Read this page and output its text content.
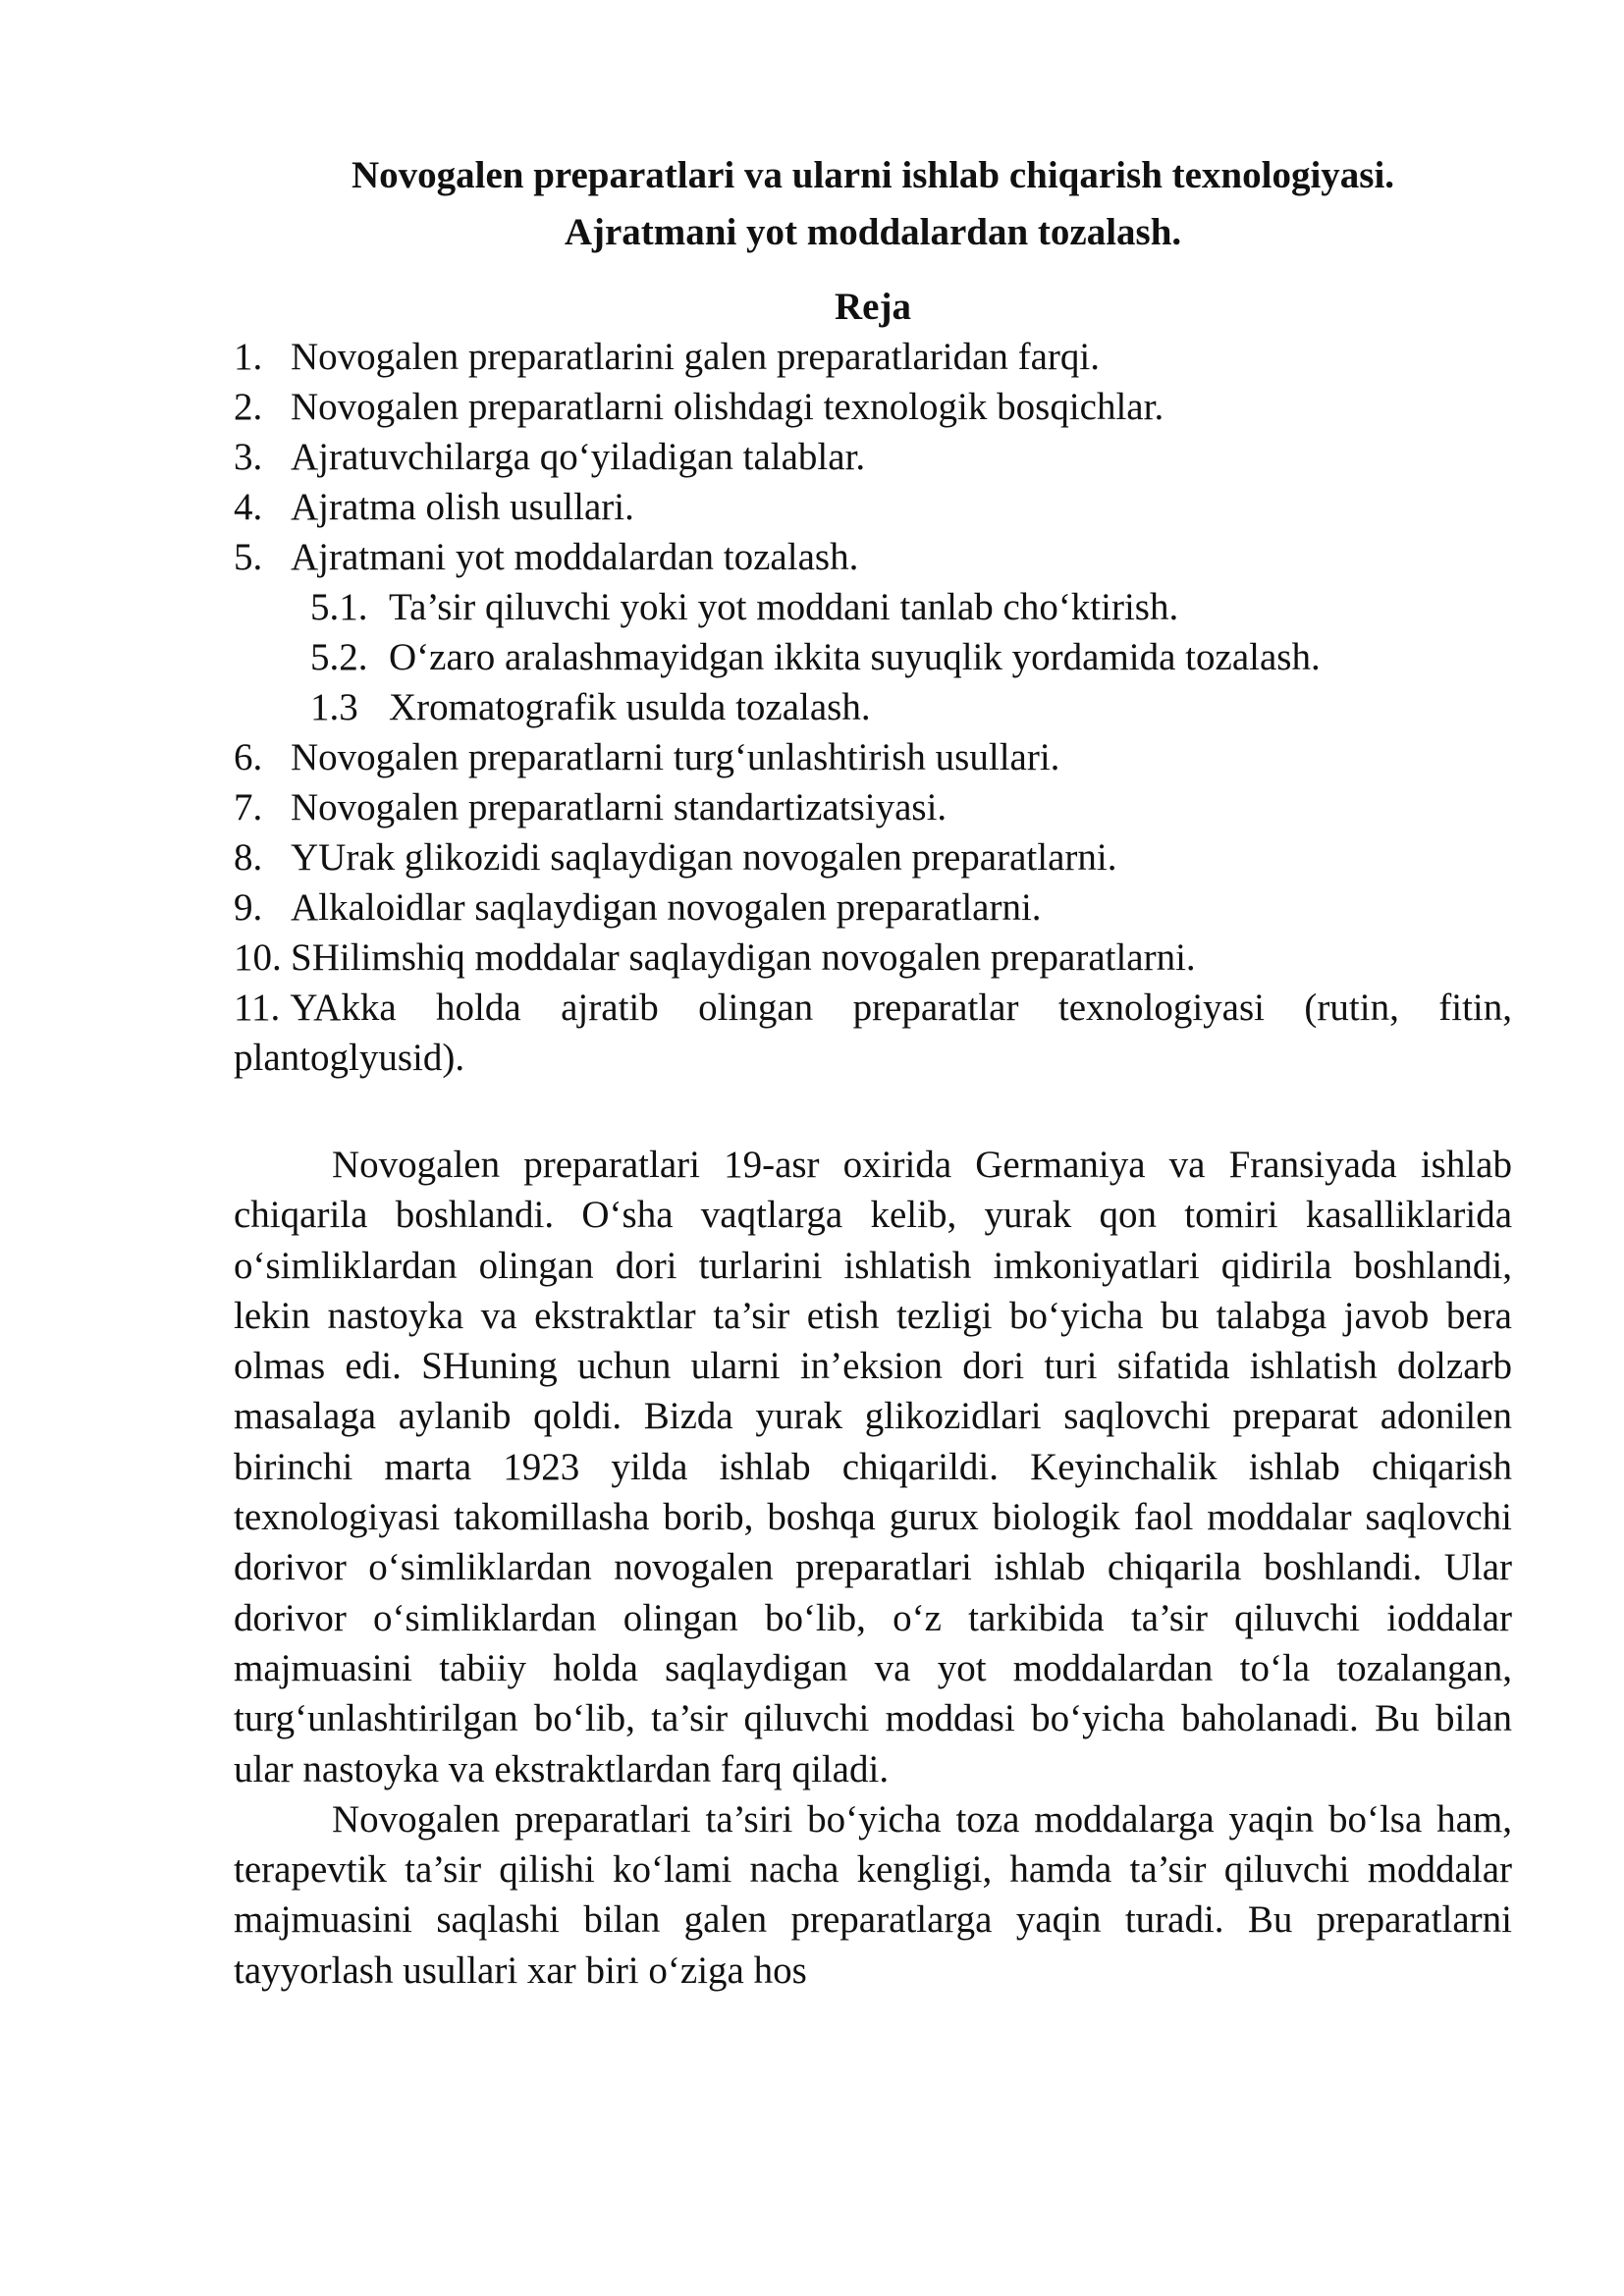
Novogalen preparatlari va ularni ishlab chiqarish texnologiyasi.
Ajratmani yot moddalardan tozalash.
Reja
1. Novogalen preparatlarini galen preparatlaridan farqi.
2. Novogalen preparatlarni olishdagi texnologik bosqichlar.
3. Ajratuvchilarga qo‘yiladigan talablar.
4. Ajratma olish usullari.
5. Ajratmani yot moddalardan tozalash.
5.1. Ta’sir qiluvchi yoki yot moddani tanlab cho‘ktirish.
5.2. O‘zaro aralashmayidgan ikkita suyuqlik yordamida tozalash.
1.3 Xromatografik usulda tozalash.
6. Novogalen preparatlarni turg‘unlashtirish usullari.
7. Novogalen preparatlarni standartizatsiyasi.
8. YUrak glikozidi saqlaydigan novogalen preparatlarni.
9. Alkaloidlar saqlaydigan novogalen preparatlarni.
10. SHilimshiq moddalar saqlaydigan novogalen preparatlarni.
11. YAkka holda ajratib olingan preparatlar texnologiyasi (rutin, fitin, plantoglyusid).

Novogalen preparatlari 19-asr oxirida Germaniya va Fransiyada ishlab chiqarila boshlandi. O‘sha vaqtlarga kelib, yurak qon tomiri kasalliklarida o‘simliklardan olingan dori turlarini ishlatish imkoniyatlari qidirila boshlandi, lekin nastoyka va ekstraktlar ta’sir etish tezligi bo‘yicha bu talabga javob bera olmas edi. SHuning uchun ularni in’eksion dori turi sifatida ishlatish dolzarb masalaga aylanib qoldi. Bizda yurak glikozidlari saqlovchi preparat adonilen birinchi marta 1923 yilda ishlab chiqarildi. Keyinchalik ishlab chiqarish texnologiyasi takomillasha borib, boshqa gurux biologik faol moddalar saqlovchi dorivor o‘simliklardan novogalen preparatlari ishlab chiqarila boshlandi. Ular dorivor o‘simliklardan olingan bo‘lib, o‘z tarkibida ta’sir qiluvchi ioddalar majmuasini tabiiy holda saqlaydigan va yot moddalardan to‘la tozalangan, turg‘unlashtirilgan bo‘lib, ta’sir qiluvchi moddasi bo‘yicha baholanadi. Bu bilan ular nastoyka va ekstraktlardan farq qiladi.

Novogalen preparatlari ta’siri bo‘yicha toza moddalarga yaqin bo‘lsa ham, terapevtik ta’sir qilishi ko‘lami nacha kengligi, hamda ta’sir qiluvchi moddalar majmuasini saqlashi bilan galen preparatlarga yaqin turadi. Bu preparatlarni tayyorlash usullari xar biri o‘ziga hos
